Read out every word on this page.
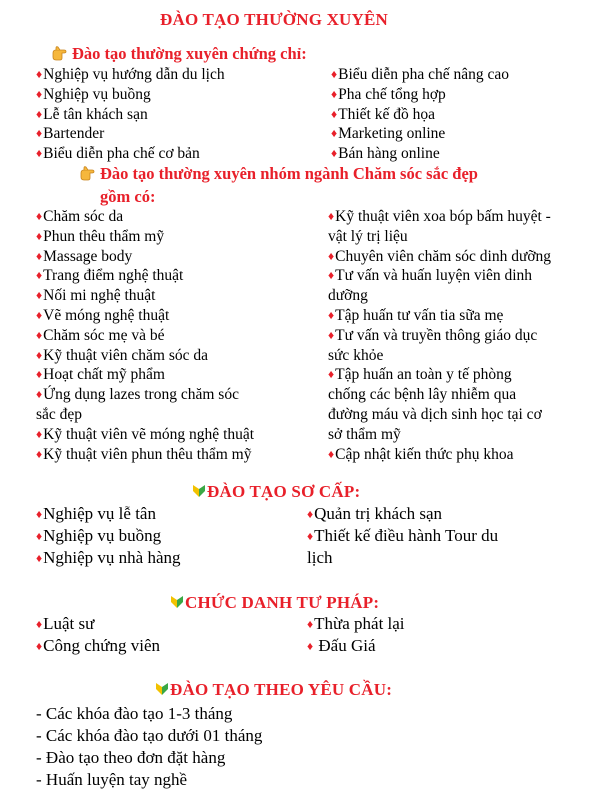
ĐÀO TẠO THƯỜNG XUYÊN
Đào tạo thường xuyên chứng chỉ:
♦Nghiệp vụ hướng dẫn du lịch
♦Nghiệp vụ buồng
♦Lễ tân khách sạn
♦Bartender
♦Biểu diễn pha chế cơ bản
♦Biểu diễn pha chế nâng cao
♦Pha chế tổng hợp
♦Thiết kế đồ họa
♦Marketing online
♦Bán hàng online
Đào tạo thường xuyên nhóm ngành Chăm sóc sắc đẹp
gồm có:
♦Chăm sóc da
♦Phun thêu thẩm mỹ
♦Massage body
♦Trang điểm nghệ thuật
♦Nối mi nghệ thuật
♦Vẽ móng nghệ thuật
♦Chăm sóc mẹ và bé
♦Kỹ thuật viên chăm sóc da
♦Hoạt chất mỹ phẩm
♦Ứng dụng lazes trong chăm sóc
sắc đẹp
♦Kỹ thuật viên vẽ móng nghệ thuật
♦Kỹ thuật viên phun thêu thẩm mỹ
♦Kỹ thuật viên xoa bóp bấm huyệt -
vật lý trị liệu
♦Chuyên viên chăm sóc dinh dưỡng
♦Tư vấn và huấn luyện viên dinh
dưỡng
♦Tập huấn tư vấn tia sữa mẹ
♦Tư vấn và truyền thông giáo dục
sức khỏe
♦Tập huấn an toàn y tế phòng
chống các bệnh lây nhiễm qua
đường máu và dịch sinh học tại cơ
sở thẩm mỹ
♦Cập nhật kiến thức phụ khoa
ĐÀO TẠO SƠ CẤP:
♦Nghiệp vụ lễ tân
♦Nghiệp vụ buồng
♦Nghiệp vụ nhà hàng
♦Quản trị khách sạn
♦Thiết kế điều hành Tour du
lịch
CHỨC DANH TƯ PHÁP:
♦Luật sư
♦Công chứng viên
♦Thừa phát lại
♦ Đấu Giá
ĐÀO TẠO THEO YÊU CẦU:
- Các khóa đào tạo 1-3 tháng
- Các khóa đào tạo dưới 01 tháng
- Đào tạo theo đơn đặt hàng
- Huấn luyện tay nghề
